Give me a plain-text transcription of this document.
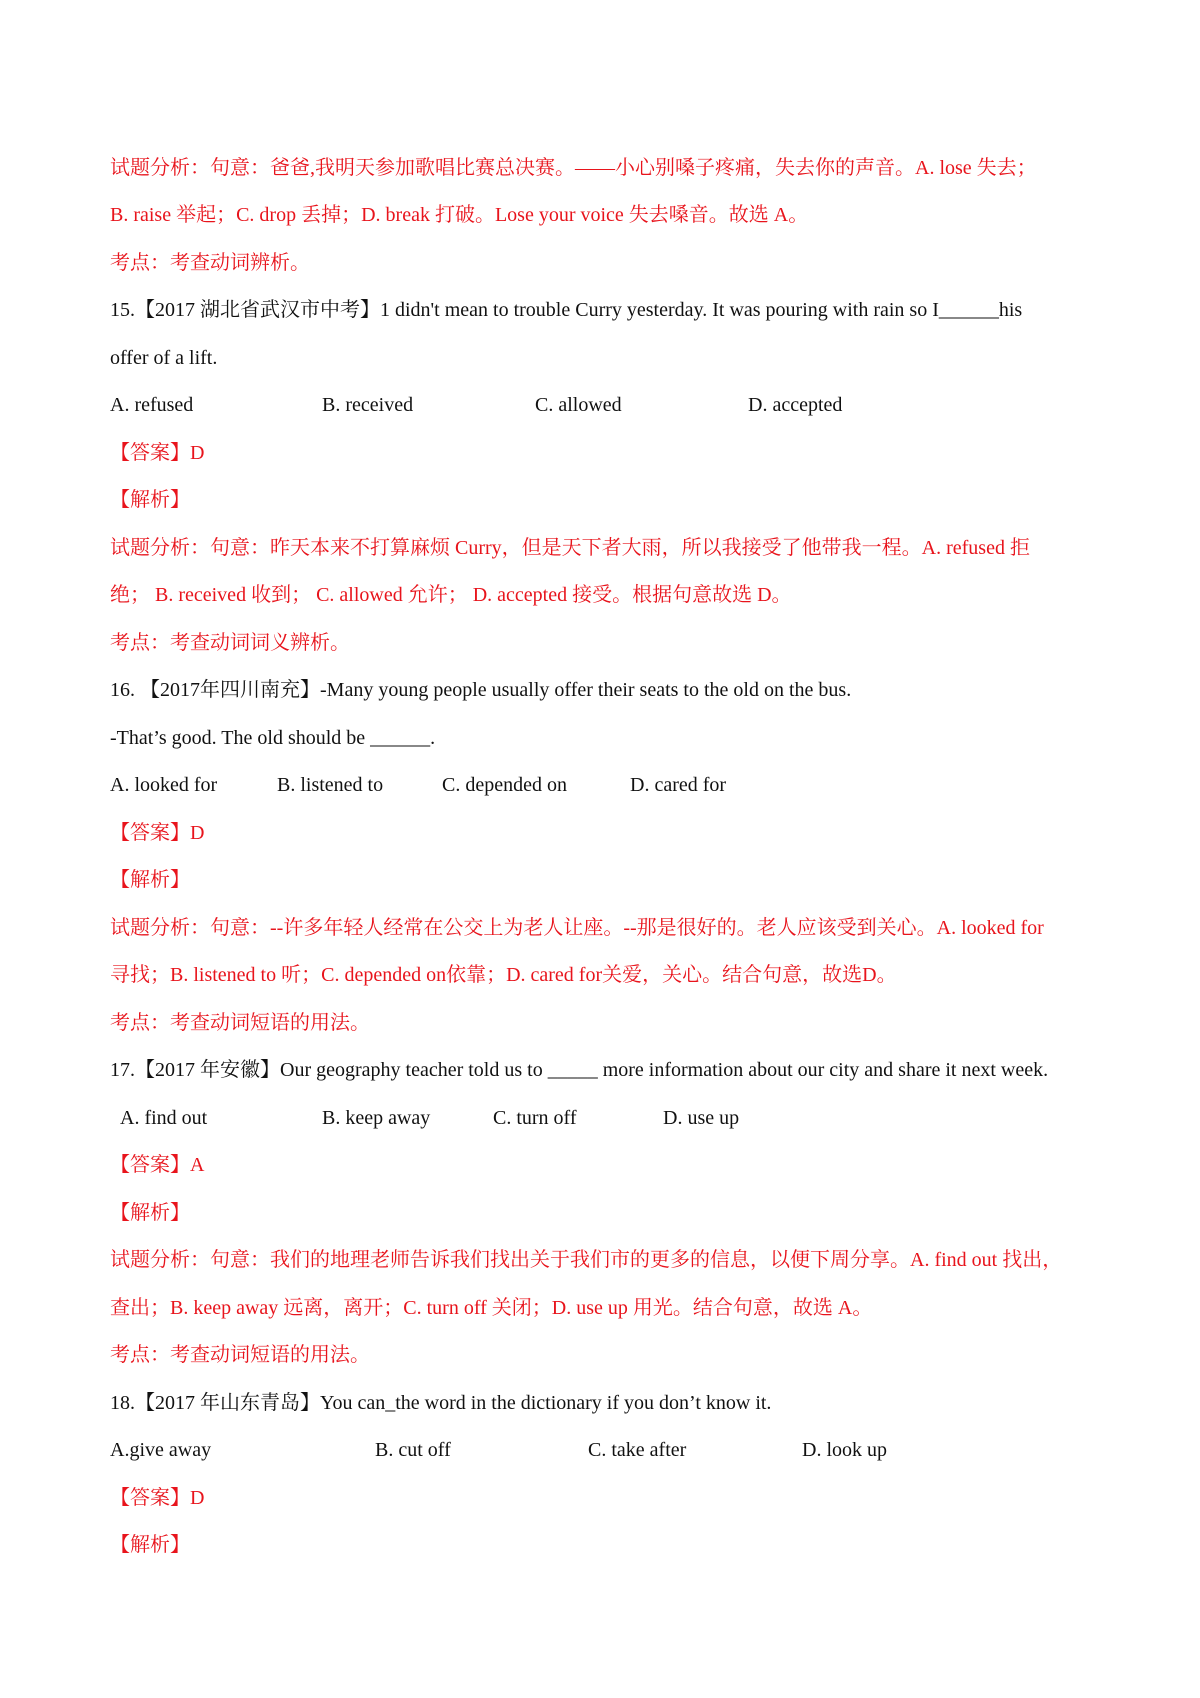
试题分析：句意：爸爸,我明天参加歌唱比赛总决赛。——小心别嗓子疼痛，失去你的声音。A. lose 失去；
B. raise 举起；C. drop 丢掉；D. break 打破。Lose your voice 失去嗓音。故选 A。
考点：考查动词辨析。
15.【2017 湖北省武汉市中考】1 didn't mean to trouble Curry yesterday. It was pouring with rain so I______his
offer of a lift.
A. refused	B. received	C. allowed	D. accepted
【答案】D
【解析】
试题分析：句意：昨天本来不打算麻烦 Curry，但是天下者大雨，所以我接受了他带我一程。A. refused 拒
绝； B. received 收到； C. allowed 允许； D. accepted 接受。根据句意故选 D。
考点：考查动词词义辨析。
16. 【2017年四川南充】-Many young people usually offer their seats to the old on the bus.
-That’s good. The old should be ______.
A. looked for	B. listened to	C. depended on	D. cared for
【答案】D
【解析】
试题分析：句意：--许多年轻人经常在公交上为老人让座。--那是很好的。老人应该受到关心。A. looked for
寻找；B. listened to 听；C. depended on依靠；D. cared for关爱，关心。结合句意，故选D。
考点：考查动词短语的用法。
17.【2017 年安徽】Our geography teacher told us to _____ more information about our city and share it next week.
A. find out	B. keep away	C. turn off	D. use up
【答案】A
【解析】
试题分析：句意：我们的地理老师告诉我们找出关于我们市的更多的信息，以便下周分享。A. find out 找出，
查出；B. keep away 远离，离开；C. turn off 关闭；D. use up 用光。结合句意，故选 A。
考点：考查动词短语的用法。
18.【2017 年山东青岛】You can_the word in the dictionary if you don’t know it.
A.give away	B. cut off	C. take after	D. look up
【答案】D
【解析】
